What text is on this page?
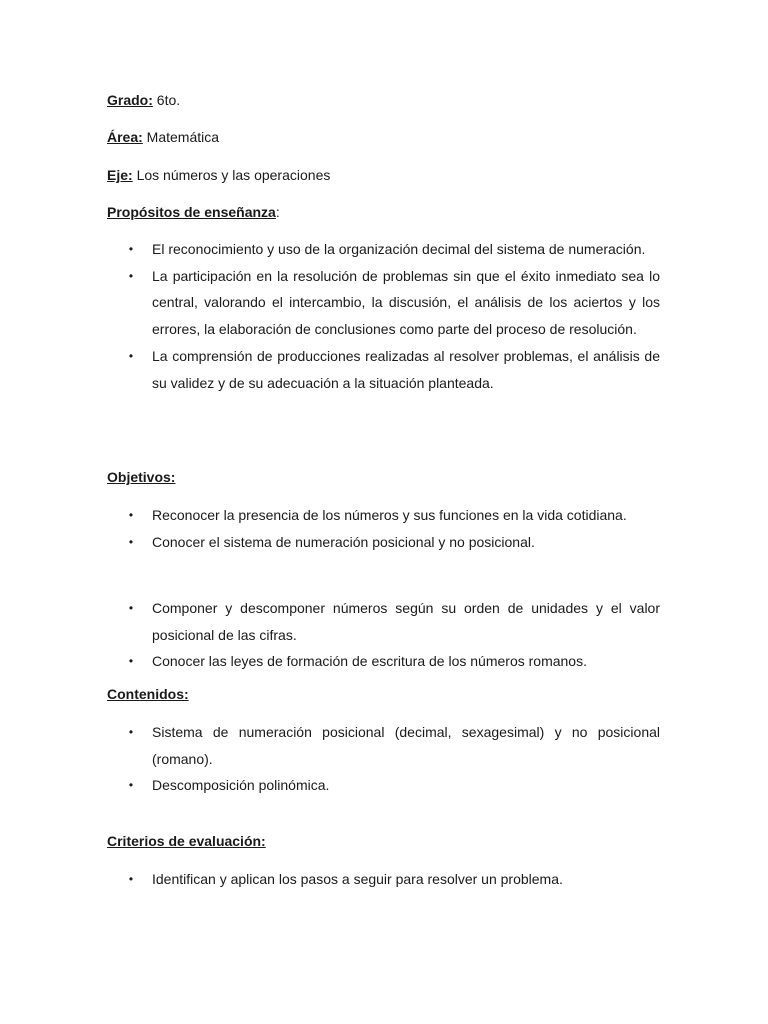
Grado: 6to.
Área: Matemática
Eje: Los números y las operaciones
Propósitos de enseñanza:
• El reconocimiento y uso de la organización decimal del sistema de numeración.
• La participación en la resolución de problemas sin que el éxito inmediato sea lo central, valorando el intercambio, la discusión, el análisis de los aciertos y los errores, la elaboración de conclusiones como parte del proceso de resolución.
• La comprensión de producciones realizadas al resolver problemas, el análisis de su validez y de su adecuación a la situación planteada.
Objetivos:
• Reconocer la presencia de los números y sus funciones en la vida cotidiana.
• Conocer el sistema de numeración posicional y no posicional.
• Componer y descomponer números según su orden de unidades y el valor posicional de las cifras.
• Conocer las leyes de formación de escritura de los números romanos.
Contenidos:
• Sistema de numeración posicional (decimal, sexagesimal) y no posicional (romano).
• Descomposición polinómica.
Criterios de evaluación:
• Identifican y aplican los pasos a seguir para resolver un problema.
